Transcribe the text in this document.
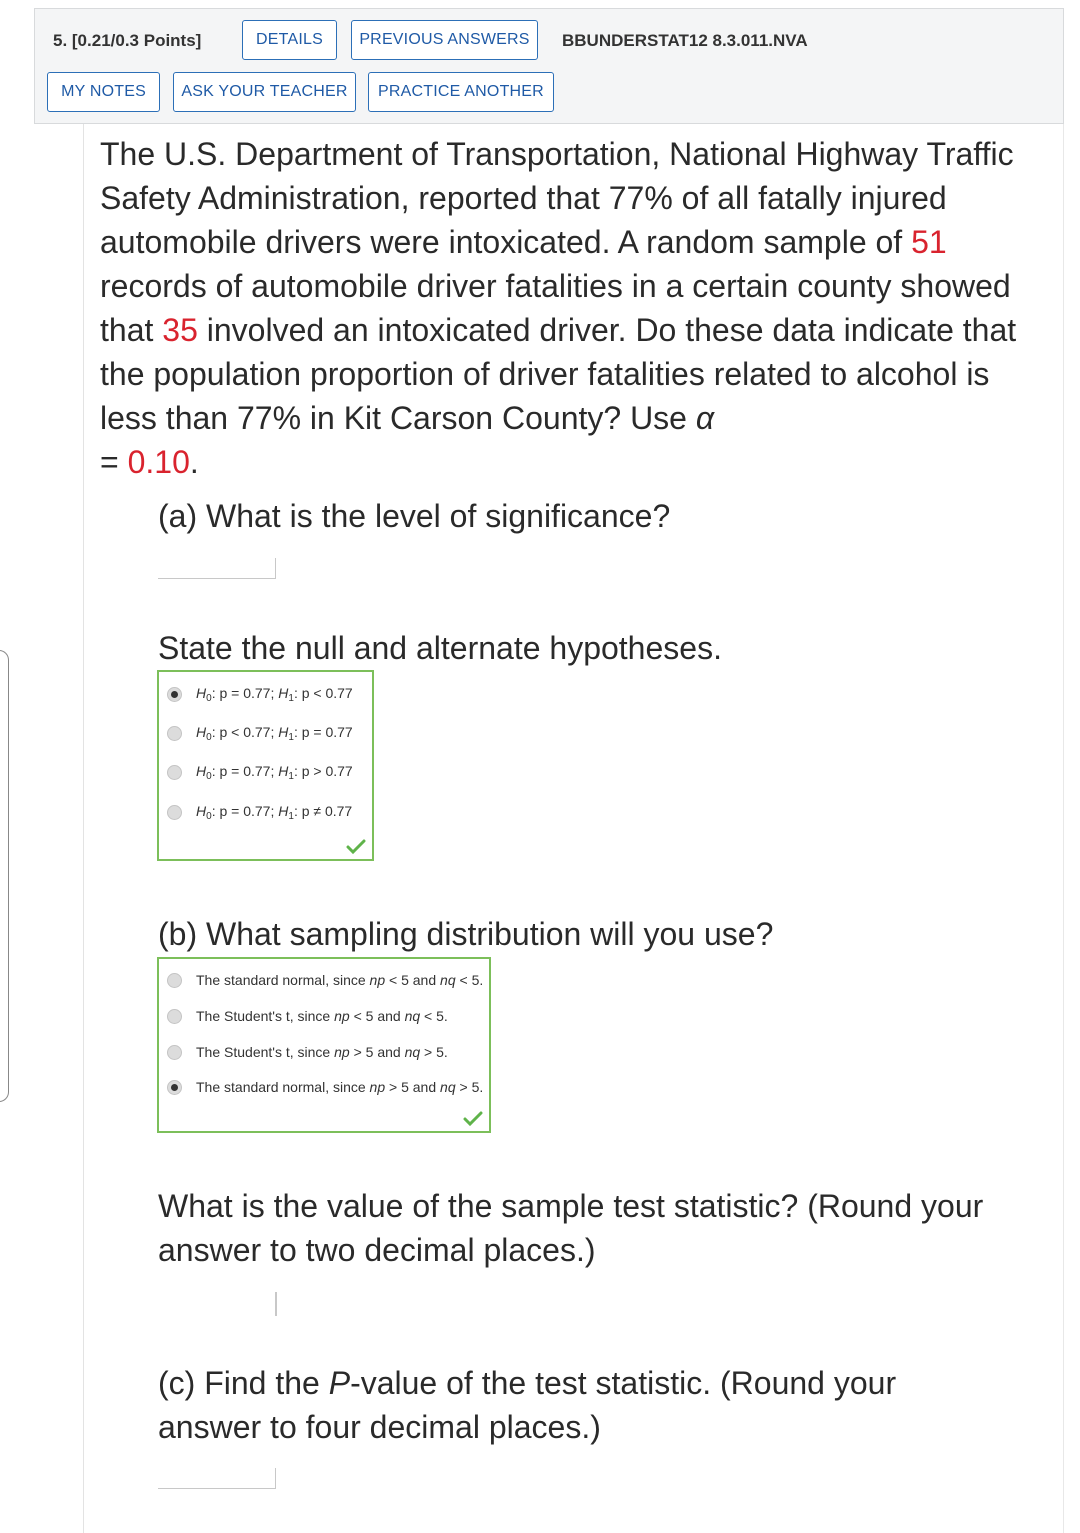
5. [0.21/0.3 Points]	DETAILS	PREVIOUS ANSWERS	BBUNDERSTAT12 8.3.011.NVA
MY NOTES	ASK YOUR TEACHER	PRACTICE ANOTHER
The U.S. Department of Transportation, National Highway Traffic Safety Administration, reported that 77% of all fatally injured automobile drivers were intoxicated. A random sample of 51 records of automobile driver fatalities in a certain county showed that 35 involved an intoxicated driver. Do these data indicate that the population proportion of driver fatalities related to alcohol is less than 77% in Kit Carson County? Use α
= 0.10.
(a) What is the level of significance?
State the null and alternate hypotheses.
$H_0$: p = 0.77; $H_1$: p < 0.77
$H_0$: p < 0.77; $H_1$: p = 0.77
$H_0$: p = 0.77; $H_1$: p > 0.77
$H_0$: p = 0.77; $H_1$: p ≠ 0.77
(b) What sampling distribution will you use?
The standard normal, since np < 5 and nq < 5.
The Student's t, since np < 5 and nq < 5.
The Student's t, since np > 5 and nq > 5.
The standard normal, since np > 5 and nq > 5.
What is the value of the sample test statistic? (Round your answer to two decimal places.)
(c) Find the P-value of the test statistic. (Round your answer to four decimal places.)
